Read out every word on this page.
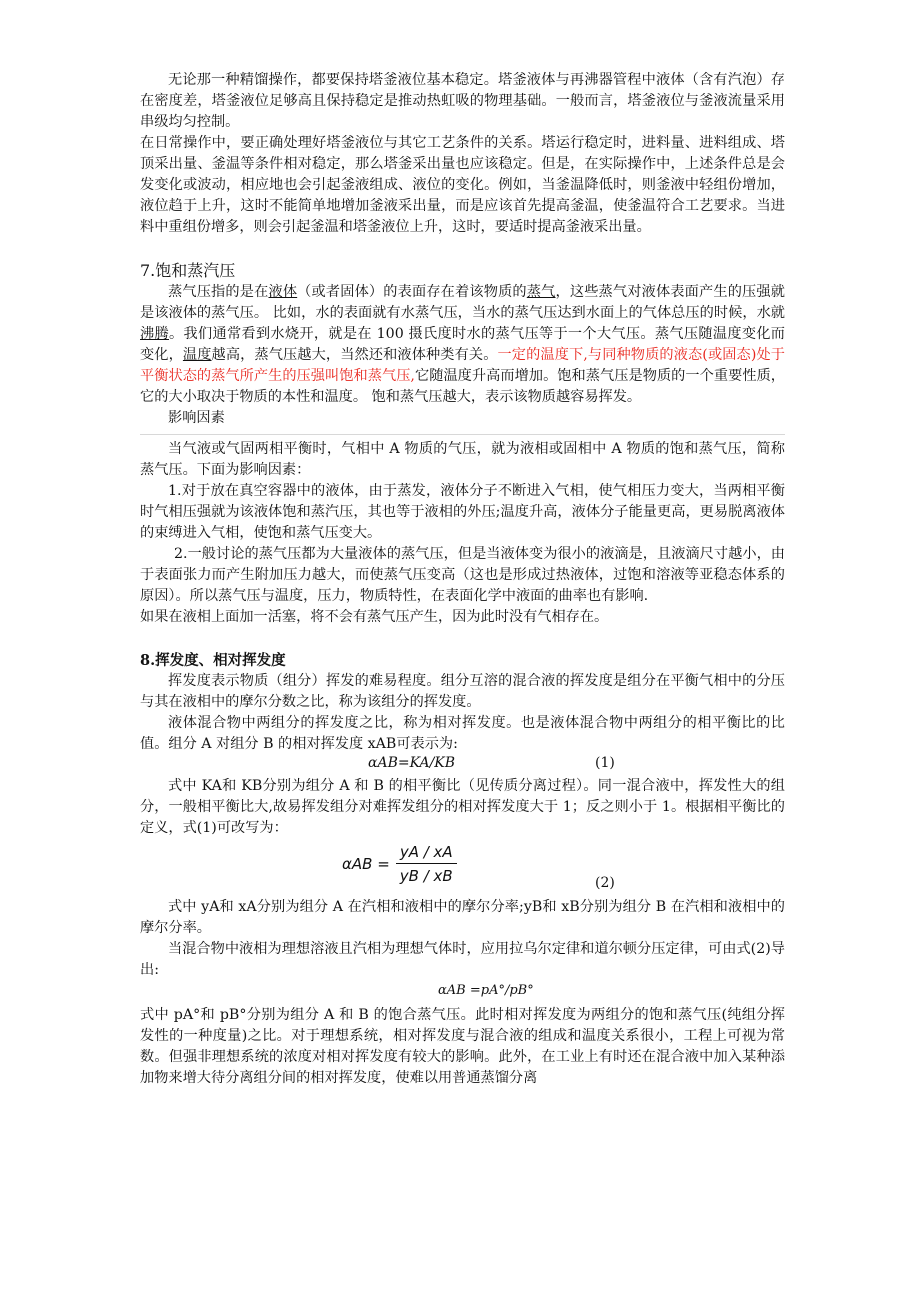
无论那一种精馏操作，都要保持塔釜液位基本稳定。塔釜液体与再沸器管程中液体（含有汽泡）存在密度差，塔釜液位足够高且保持稳定是推动热虹吸的物理基础。一般而言，塔釜液位与釜液流量采用串级均匀控制。

在日常操作中，要正确处理好塔釜液位与其它工艺条件的关系。塔运行稳定时，进料量、进料组成、塔顶采出量、釜温等条件相对稳定，那么塔釜采出量也应该稳定。但是，在实际操作中，上述条件总是会发变化或波动，相应地也会引起釜液组成、液位的变化。例如，当釜温降低时，则釜液中轻组份增加，液位趋于上升，这时不能简单地增加釜液采出量，而是应该首先提高釜温，使釜温符合工艺要求。当进料中重组份增多，则会引起釜温和塔釜液位上升，这时，要适时提高釜液采出量。

7.饱和蒸汽压

蒸气压指的是在液体（或者固体）的表面存在着该物质的蒸气，这些蒸气对液体表面产生的压强就是该液体的蒸气压。 比如，水的表面就有水蒸气压，当水的蒸气压达到水面上的气体总压的时候，水就沸腾。我们通常看到水烧开，就是在 100 摄氏度时水的蒸气压等于一个大气压。蒸气压随温度变化而变化，温度越高，蒸气压越大，当然还和液体种类有关。一定的温度下,与同种物质的液态(或固态)处于平衡状态的蒸气所产生的压强叫饱和蒸气压,它随温度升高而增加。饱和蒸气压是物质的一个重要性质，它的大小取决于物质的本性和温度。 饱和蒸气压越大，表示该物质越容易挥发。

影响因素

当气液或气固两相平衡时，气相中 A 物质的气压，就为液相或固相中 A 物质的饱和蒸气压，简称蒸气压。下面为影响因素：

1.对于放在真空容器中的液体，由于蒸发，液体分子不断进入气相，使气相压力变大，当两相平衡时气相压强就为该液体饱和蒸汽压，其也等于液相的外压;温度升高，液体分子能量更高，更易脱离液体的束缚进入气相，使饱和蒸气压变大。

2.一般讨论的蒸气压都为大量液体的蒸气压，但是当液体变为很小的液滴是，且液滴尺寸越小，由于表面张力而产生附加压力越大，而使蒸气压变高（这也是形成过热液体，过饱和溶液等亚稳态体系的原因）。所以蒸气压与温度，压力，物质特性，在表面化学中液面的曲率也有影响.

如果在液相上面加一活塞，将不会有蒸气压产生，因为此时没有气相存在。

8.挥发度、相对挥发度

挥发度表示物质（组分）挥发的难易程度。组分互溶的混合液的挥发度是组分在平衡气相中的分压与其在液相中的摩尔分数之比，称为该组分的挥发度。

液体混合物中两组分的挥发度之比，称为相对挥发度。也是液体混合物中两组分的相平衡比的比值。组分 A 对组分 B 的相对挥发度 xAB可表示为:

αAB=KA/KB	(1)

式中 KA和 KB分别为组分 A 和 B 的相平衡比（见传质分离过程）。同一混合液中，挥发性大的组分，一般相平衡比大,故易挥发组分对难挥发组分的相对挥发度大于 1；反之则小于 1。根据相平衡比的定义，式(1)可改写为：

$\alpha AB = \frac{yA / xA}{yB / xB}$	(2)

式中 yA和 xA分别为组分 A 在汽相和液相中的摩尔分率;yB和 xB分别为组分 B 在汽相和液相中的摩尔分率。

当混合物中液相为理想溶液且汽相为理想气体时，应用拉乌尔定律和道尔顿分压定律，可由式(2)导出:

αAB =pA°/pB°

式中 pA°和 pB°分别为组分 A 和 B 的饱合蒸气压。此时相对挥发度为两组分的饱和蒸气压(纯组分挥发性的一种度量)之比。对于理想系统，相对挥发度与混合液的组成和温度关系很小，工程上可视为常数。但强非理想系统的浓度对相对挥发度有较大的影响。此外，在工业上有时还在混合液中加入某种添加物来增大待分离组分间的相对挥发度，使难以用普通蒸馏分离
